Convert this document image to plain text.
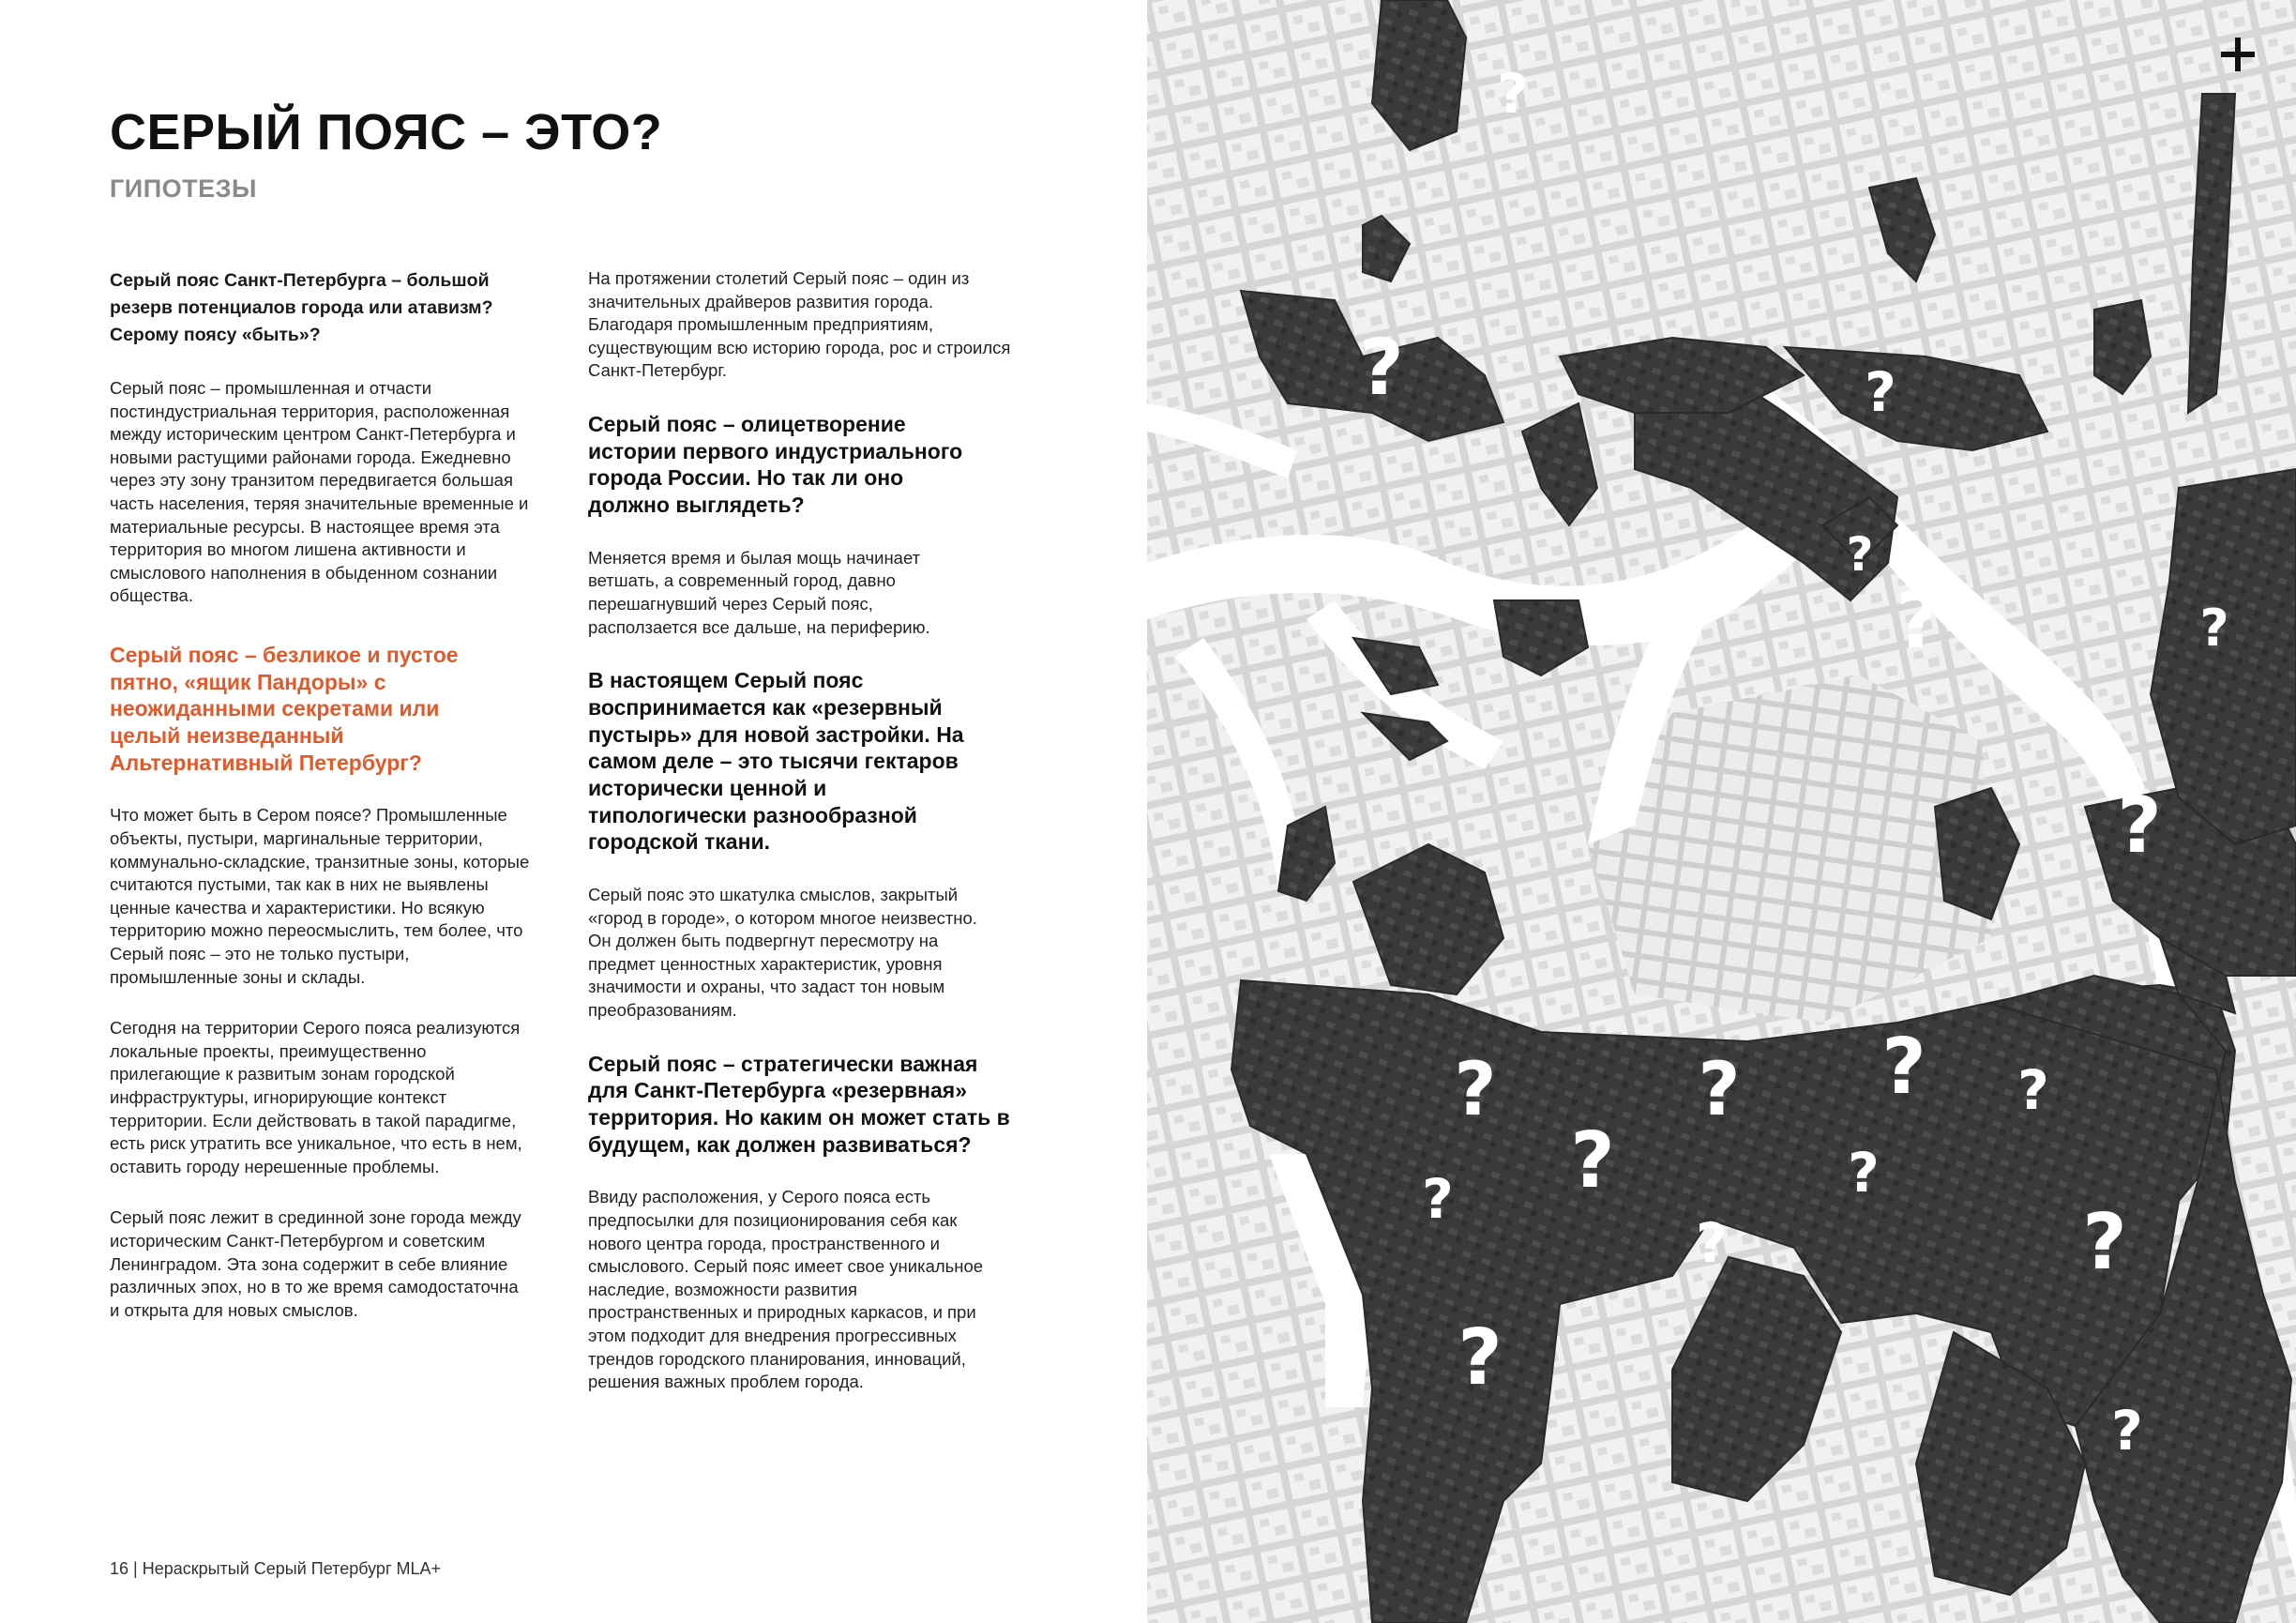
СЕРЫЙ ПОЯС – ЭТО?
ГИПОТЕЗЫ

Серый пояс Санкт-Петербурга – большой резерв потенциалов города или атавизм? Серому поясу «быть»?

Серый пояс – промышленная и отчасти постиндустриальная территория, расположенная между историческим центром Санкт-Петербурга и новыми растущими районами города. Ежедневно через эту зону транзитом передвигается большая часть населения, теряя значительные временные и материальные ресурсы. В настоящее время эта территория во многом лишена активности и смыслового наполнения в обыденном сознании общества.

Серый пояс – безликое и пустое пятно, «ящик Пандоры» с неожиданными секретами или целый неизведанный Альтернативный Петербург?

Что может быть в Сером поясе? Промышленные объекты, пустыри, маргинальные территории, коммунально-складские, транзитные зоны, которые считаются пустыми, так как в них не выявлены ценные качества и характеристики. Но всякую территорию можно переосмыслить, тем более, что Серый пояс – это не только пустыри, промышленные зоны и склады.

Сегодня на территории Серого пояса реализуются локальные проекты, преимущественно прилегающие к развитым зонам городской инфраструктуры, игнорирующие контекст территории. Если действовать в такой парадигме, есть риск утратить все уникальное, что есть в нем, оставить городу нерешенные проблемы.

Серый пояс лежит в срединной зоне города между историческим Санкт-Петербургом и советским Ленинградом. Эта зона содержит в себе влияние различных эпох, но в то же время самодостаточна и открыта для новых смыслов.

На протяжении столетий Серый пояс – один из значительных драйверов развития города. Благодаря промышленным предприятиям, существующим всю историю города, рос и строился Санкт-Петербург.

Серый пояс – олицетворение истории первого индустриального города России. Но так ли оно должно выглядеть?

Меняется время и былая мощь начинает ветшать, а современный город, давно перешагнувший через Серый пояс, расползается все дальше, на периферию.

В настоящем Серый пояс воспринимается как «резервный пустырь» для новой застройки. На самом деле – это тысячи гектаров исторически ценной и типологически разнообразной городской ткани.

Серый пояс это шкатулка смыслов, закрытый «город в городе», о котором многое неизвестно. Он должен быть подвергнут пересмотру на предмет ценностных характеристик, уровня значимости и охраны, что задаст тон новым преобразованиям.

Серый пояс – стратегически важная для Санкт-Петербурга «резервная» территория. Но каким он может стать в будущем, как должен развиваться?

Ввиду расположения, у Серого пояса есть предпосылки для позиционирования себя как нового центра города, пространственного и смыслового. Серый пояс имеет свое уникальное наследие, возможности развития пространственных и природных каркасов, и при этом подходит для внедрения прогрессивных трендов городского планирования, инноваций, решения важных проблем города.

16 | Нераскрытый Серый Петербург MLA+
?
?	?
?
?	?
?
?	? ? ?
?	?
?
?	?
?
?
?
?
